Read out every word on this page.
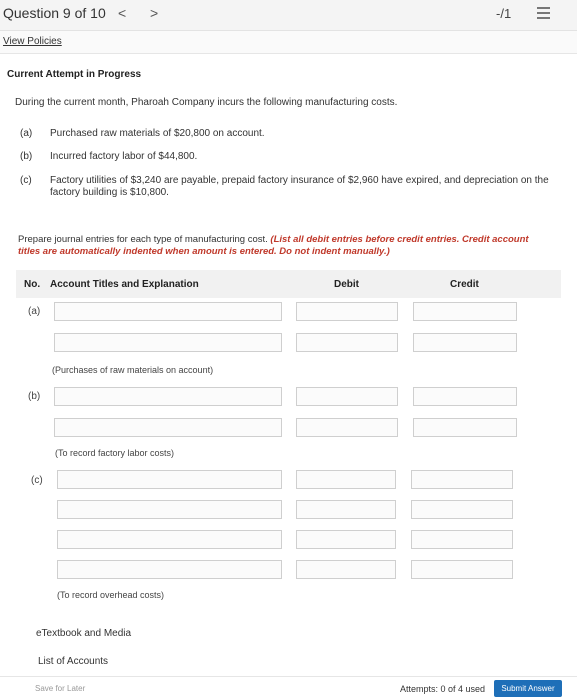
Question 9 of 10 < >	-/1
View Policies
Current Attempt in Progress
During the current month, Pharoah Company incurs the following manufacturing costs.
(a) Purchased raw materials of $20,800 on account.
(b) Incurred factory labor of $44,800.
(c) Factory utilities of $3,240 are payable, prepaid factory insurance of $2,960 have expired, and depreciation on the factory building is $10,800.
Prepare journal entries for each type of manufacturing cost. (List all debit entries before credit entries. Credit account titles are automatically indented when amount is entered. Do not indent manually.)
No. Account Titles and Explanation	Debit	Credit
(a)
(Purchases of raw materials on account)
(b)
(To record factory labor costs)
(c)
(To record overhead costs)
eTextbook and Media
List of Accounts
Save for Later	Attempts: 0 of 4 used	Submit Answer
